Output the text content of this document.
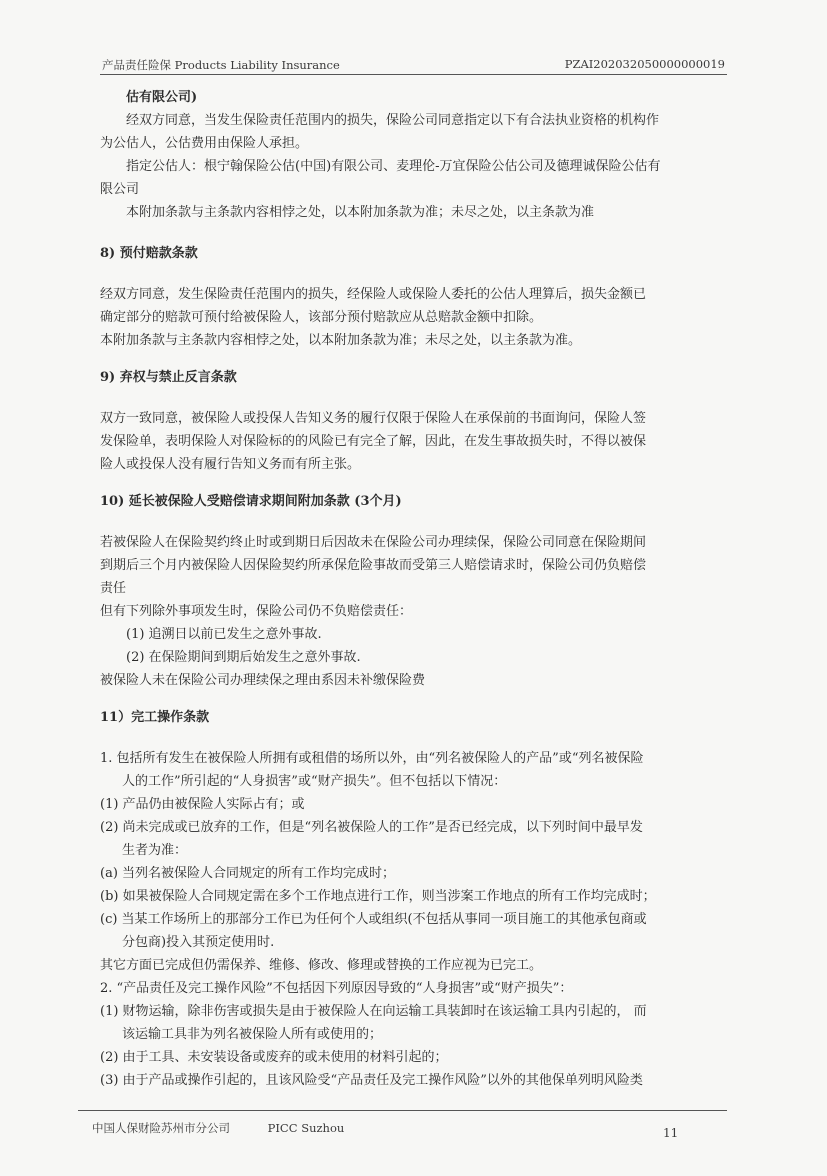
产品责任险保 Products Liability Insurance	PZAI202032050000000019
估有限公司)
经双方同意，当发生保险责任范围内的损失，保险公司同意指定以下有合法执业资格的机构作
为公估人，公估费用由保险人承担。
指定公估人：根宁翰保险公估(中国)有限公司、麦理伦-万宜保险公估公司及德理诚保险公估有
限公司
本附加条款与主条款内容相悖之处，以本附加条款为准；未尽之处，以主条款为准
8) 预付赔款条款
经双方同意，发生保险责任范围内的损失，经保险人或保险人委托的公估人理算后，损失金额已
确定部分的赔款可预付给被保险人，该部分预付赔款应从总赔款金额中扣除。
本附加条款与主条款内容相悖之处，以本附加条款为准；未尽之处，以主条款为准。
9) 弃权与禁止反言条款
双方一致同意，被保险人或投保人告知义务的履行仅限于保险人在承保前的书面询问，保险人签
发保险单，表明保险人对保险标的的风险已有完全了解，因此，在发生事故损失时，不得以被保
险人或投保人没有履行告知义务而有所主张。
10) 延长被保险人受赔偿请求期间附加条款 (3个月)
若被保险人在保险契约终止时或到期日后因故未在保险公司办理续保，保险公司同意在保险期间
到期后三个月内被保险人因保险契约所承保危险事故而受第三人赔偿请求时，保险公司仍负赔偿
责任
但有下列除外事项发生时，保险公司仍不负赔偿责任：
(1) 追溯日以前已发生之意外事故.
(2) 在保险期间到期后始发生之意外事故.
被保险人未在保险公司办理续保之理由系因未补缴保险费
11）完工操作条款
1. 包括所有发生在被保险人所拥有或租借的场所以外，由“列名被保险人的产品”或“列名被保险
人的工作”所引起的“人身损害”或“财产损失”。但不包括以下情况：
(1) 产品仍由被保险人实际占有；或
(2) 尚未完成或已放弃的工作，但是“列名被保险人的工作”是否已经完成，以下列时间中最早发
生者为准：
(a) 当列名被保险人合同规定的所有工作均完成时；
(b) 如果被保险人合同规定需在多个工作地点进行工作，则当涉案工作地点的所有工作均完成时；
(c) 当某工作场所上的那部分工作已为任何个人或组织(不包括从事同一项目施工的其他承包商或
分包商)投入其预定使用时.
其它方面已完成但仍需保养、维修、修改、修理或替换的工作应视为已完工。
2. “产品责任及完工操作风险”不包括因下列原因导致的“人身损害”或“财产损失”：
(1) 财物运输，除非伤害或损失是由于被保险人在向运输工具装卸时在该运输工具内引起的， 而
该运输工具非为列名被保险人所有或使用的；
(2) 由于工具、未安装设备或废弃的或未使用的材料引起的；
(3) 由于产品或操作引起的，且该风险受“产品责任及完工操作风险”以外的其他保单列明风险类
中国人保财险苏州市分公司	PICC Suzhou	11
